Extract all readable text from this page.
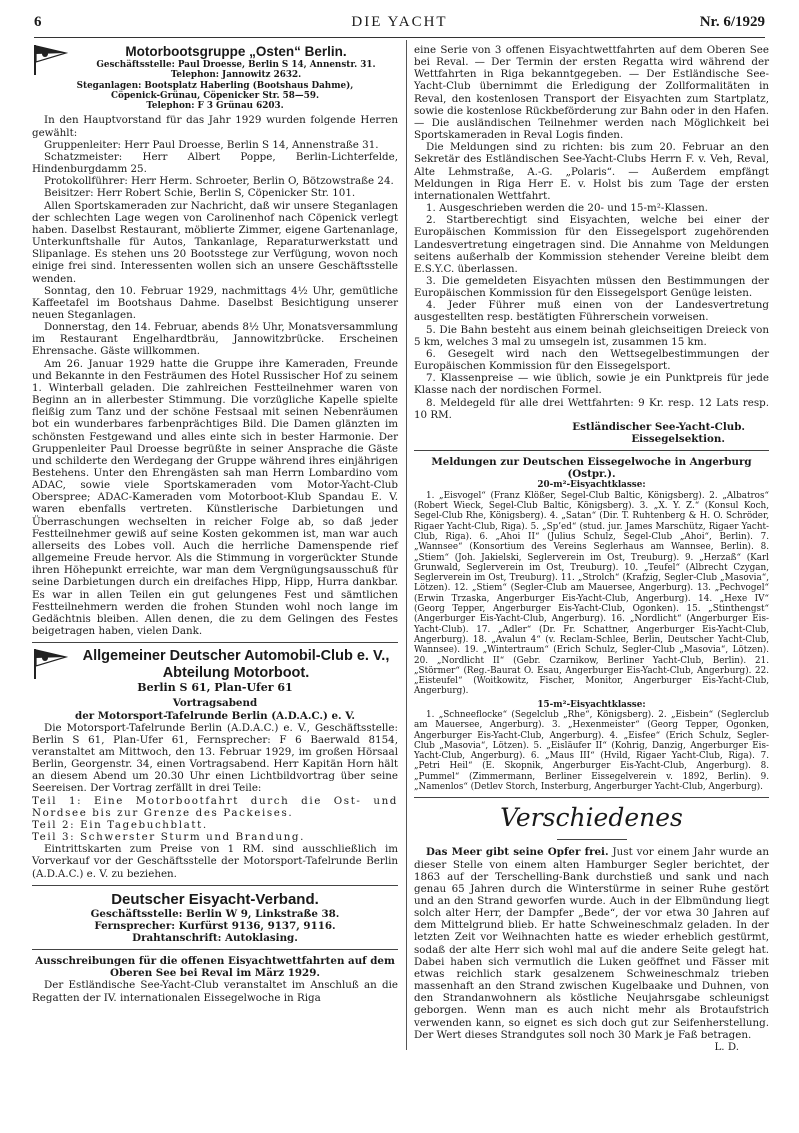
6	DIE YACHT	Nr. 6/1929
Motorbootsgruppe „Osten“ Berlin.
Geschäftsstelle: Paul Droesse, Berlin S 14, Annenstr. 31.
Telephon: Jannowitz 2632.
Steganlagen: Bootsplatz Haberling (Bootshaus Dahme),
Cöpenick-Grünau, Cöpenicker Str. 58—59.
Telephon: F 3 Grünau 6203.

In den Hauptvorstand für das Jahr 1929 wurden folgende Herren gewählt:

Gruppenleiter: Herr Paul Droesse, Berlin S 14, Annenstraße 31.

Schatzmeister: Herr Albert Poppe, Berlin-Lichterfelde, Hindenburgdamm 25.

Protokollführer: Herr Herm. Schroeter, Berlin O, Bötzowstraße 24.

Beisitzer: Herr Robert Schie, Berlin S, Cöpenicker Str. 101.

Allen Sportskameraden zur Nachricht, daß wir unsere Steganlagen der schlechten Lage wegen von Carolinenhof nach Cöpenick verlegt haben. Daselbst Restaurant, möblierte Zimmer, eigene Gartenanlage, Unterkunftshalle für Autos, Tankanlage, Reparaturwerkstatt und Slipanlage. Es stehen uns 20 Bootsstege zur Verfügung, wovon noch einige frei sind. Interessenten wollen sich an unsere Geschäftsstelle wenden.

Sonntag, den 10. Februar 1929, nachmittags 4½ Uhr, gemütliche Kaffeetafel im Bootshaus Dahme. Daselbst Besichtigung unserer neuen Steganlagen.

Donnerstag, den 14. Februar, abends 8½ Uhr, Monatsversammlung im Restaurant Engelhardtbräu, Jannowitzbrücke. Erscheinen Ehrensache. Gäste willkommen.

Am 26. Januar 1929 hatte die Gruppe ihre Kameraden, Freunde und Bekannte in den Festräumen des Hotel Russischer Hof zu seinem 1. Winterball geladen. Die zahlreichen Festteilnehmer waren von Beginn an in allerbester Stimmung. Die vorzügliche Kapelle spielte fleißig zum Tanz und der schöne Festsaal mit seinen Nebenräumen bot ein wunderbares farbenprächtiges Bild. Die Damen glänzten im schönsten Festgewand und alles einte sich in bester Harmonie. Der Gruppenleiter Paul Droesse begrüßte in seiner Ansprache die Gäste und schilderte den Werdegang der Gruppe während ihres einjährigen Bestehens. Unter den Ehrengästen sah man Herrn Lombardino vom ADAC, sowie viele Sportskameraden vom Motor-Yacht-Club Oberspree; ADAC-Kameraden vom Motorboot-Klub Spandau E. V. waren ebenfalls vertreten. Künstlerische Darbietungen und Überraschungen wechselten in reicher Folge ab, so daß jeder Festteilnehmer gewiß auf seine Kosten gekommen ist, man war auch allerseits des Lobes voll. Auch die herrliche Damenspende rief allgemeine Freude hervor. Als die Stimmung in vorgerückter Stunde ihren Höhepunkt erreichte, war man dem Vergnügungsausschuß für seine Darbietungen durch ein dreifaches Hipp, Hipp, Hurra dankbar. Es war in allen Teilen ein gut gelungenes Fest und sämtlichen Festteilnehmern werden die frohen Stunden wohl noch lange im Gedächtnis bleiben. Allen denen, die zu dem Gelingen des Festes beigetragen haben, vielen Dank.

Allgemeiner Deutscher Automobil-Club e. V.,
Abteilung Motorboot.
Berlin S 61, Plan-Ufer 61
Vortragsabend
der Motorsport-Tafelrunde Berlin (A.D.A.C.) e. V.

Die Motorsport-Tafelrunde Berlin (A.D.A.C.) e. V., Geschäftsstelle: Berlin S 61, Plan-Ufer 61, Fernsprecher: F 6 Baerwald 8154, veranstaltet am Mittwoch, den 13. Februar 1929, im großen Hörsaal Berlin, Georgenstr. 34, einen Vortragsabend. Herr Kapitän Horn hält an diesem Abend um 20.30 Uhr einen Lichtbildvortrag über seine Seereisen. Der Vortrag zerfällt in drei Teile:

Teil 1: Eine Motorbootfahrt durch die Ost- und Nordsee bis zur Grenze des Packeises.

Teil 2: Ein Tagebuchblatt.

Teil 3: Schwerster Sturm und Brandung.

Eintrittskarten zum Preise von 1 RM. sind ausschließlich im Vorverkauf vor der Geschäftsstelle der Motorsport-Tafelrunde Berlin (A.D.A.C.) e. V. zu beziehen.

Deutscher Eisyacht-Verband.
Geschäftsstelle: Berlin W 9, Linkstraße 38.
Fernsprecher: Kurfürst 9136, 9137, 9116.
Drahtanschrift: Autoklasing.
Ausschreibungen für die offenen Eisyachtwettfahrten auf dem Oberen See bei Reval im März 1929.

Der Estländische See-Yacht-Club veranstaltet im Anschluß an die Regatten der IV. internationalen Eissegelwoche in Riga

eine Serie von 3 offenen Eisyachtwettfahrten auf dem Oberen See bei Reval. — Der Termin der ersten Regatta wird während der Wettfahrten in Riga bekanntgegeben. — Der Estländische See-Yacht-Club übernimmt die Erledigung der Zollformalitäten in Reval, den kostenlosen Transport der Eisyachten zum Startplatz, sowie die kostenlose Rückbeförderung zur Bahn oder in den Hafen. — Die ausländischen Teilnehmer werden nach Möglichkeit bei Sportskameraden in Reval Logis finden.

Die Meldungen sind zu richten: bis zum 20. Februar an den Sekretär des Estländischen See-Yacht-Clubs Herrn F. v. Veh, Reval, Alte Lehmstraße, A.-G. „Polaris“. — Außerdem empfängt Meldungen in Riga Herr E. v. Holst bis zum Tage der ersten internationalen Wettfahrt.

1. Ausgeschrieben werden die 20- und 15-m²-Klassen.

2. Startberechtigt sind Eisyachten, welche bei einer der Europäischen Kommission für den Eissegelsport zugehörenden Landesvertretung eingetragen sind. Die Annahme von Meldungen seitens außerhalb der Kommission stehender Vereine bleibt dem E.S.Y.C. überlassen.

3. Die gemeldeten Eisyachten müssen den Bestimmungen der Europäischen Kommission für den Eissegelsport Genüge leisten.

4. Jeder Führer muß einen von der Landesvertretung ausgestellten resp. bestätigten Führerschein vorweisen.

5. Die Bahn besteht aus einem beinah gleichseitigen Dreieck von 5 km, welches 3 mal zu umsegeln ist, zusammen 15 km.

6. Gesegelt wird nach den Wettsegelbestimmungen der Europäischen Kommission für den Eissegelsport.

7. Klassenpreise — wie üblich, sowie je ein Punktpreis für jede Klasse nach der nordischen Formel.

8. Meldegeld für alle drei Wettfahrten: 9 Kr. resp. 12 Lats resp. 10 RM.

Estländischer See-Yacht-Club.
Eissegelsektion.
Meldungen zur Deutschen Eissegelwoche in Angerburg (Ostpr.).
20-m²-Eisyachtklasse:

1. „Eisvogel“ (Franz Klößer, Segel-Club Baltic, Königsberg). 2. „Albatros“ (Robert Wieck, Segel-Club Baltic, Königsberg). 3. „X. Y. Z.“ (Konsul Koch, Segel-Club Rhe, Königsberg). 4. „Satan“ (Dir. T. Ruhtenberg & H. O. Schröder, Rigaer Yacht-Club, Riga). 5. „Sp’ed“ (stud. jur. James Marschütz, Rigaer Yacht-Club, Riga). 6. „Ahoi II“ (Julius Schulz, Segel-Club „Ahoi“, Berlin). 7. „Wannsee“ (Konsortium des Vereins Seglerhaus am Wannsee, Berlin). 8. „Stiem“ (Joh. Jakielski, Seglerverein im Ost, Treuburg). 9. „Herzaß“ (Karl Grunwald, Seglerverein im Ost, Treuburg). 10. „Teufel“ (Albrecht Czygan, Seglerverein im Ost, Treuburg). 11. „Strolch“ (Krafzig, Segler-Club „Masovia“, Lötzen). 12. „Stiem“ (Segler-Club am Mauersee, Angerburg). 13. „Pechvogel“ (Erwin Trzaska, Angerburger Eis-Yacht-Club, Angerburg). 14. „Hexe IV“ (Georg Tepper, Angerburger Eis-Yacht-Club, Ogonken). 15. „Stinthengst“ (Angerburger Eis-Yacht-Club, Angerburg). 16. „Nordlicht“ (Angerburger Eis-Yacht-Club). 17. „Adler“ (Dr. Fr. Schattner, Angerburger Eis-Yacht-Club, Angerburg). 18. „Avalun 4“ (v. Reclam-Schlee, Berlin, Deutscher Yacht-Club, Wannsee). 19. „Wintertraum“ (Erich Schulz, Segler-Club „Masovia“, Lötzen). 20. „Nordlicht II“ (Gebr. Czarnikow, Berliner Yacht-Club, Berlin). 21. „Störmer“ (Reg.-Baurat O. Esau, Angerburger Eis-Yacht-Club, Angerburg). 22. „Eisteufel“ (Woitkowitz, Fischer, Monitor, Angerburger Eis-Yacht-Club, Angerburg).

15-m²-Eisyachtklasse:

1. „Schneeflocke“ (Segelclub „Rhe“, Königsberg). 2. „Eisbein“ (Seglerclub am Mauersee, Angerburg). 3. „Hexenmeister“ (Georg Tepper, Ogonken, Angerburger Eis-Yacht-Club, Angerburg). 4. „Eisfee“ (Erich Schulz, Segler-Club „Masovia“, Lötzen). 5. „Eisläufer II“ (Kohrig, Danzig, Angerburger Eis-Yacht-Club, Angerburg). 6. „Maus III“ (Hvild, Rigaer Yacht-Club, Riga). 7. „Petri Heil“ (E. Skopnik, Angerburger Eis-Yacht-Club, Angerburg). 8. „Pummel“ (Zimmermann, Berliner Eissegelverein v. 1892, Berlin). 9. „Namenlos“ (Detlev Storch, Insterburg, Angerburger Yacht-Club, Angerburg).

Verschiedenes

Das Meer gibt seine Opfer frei. Just vor einem Jahr wurde an dieser Stelle von einem alten Hamburger Segler berichtet, der 1863 auf der Terschelling-Bank durchstieß und sank und nach genau 65 Jahren durch die Winterstürme in seiner Ruhe gestört und an den Strand geworfen wurde. Auch in der Elbmündung liegt solch alter Herr, der Dampfer „Bede“, der vor etwa 30 Jahren auf dem Mittelgrund blieb. Er hatte Schweineschmalz geladen. In der letzten Zeit vor Weihnachten hatte es wieder erheblich gestürmt, sodaß der alte Herr sich wohl mal auf die andere Seite gelegt hat. Dabei haben sich vermutlich die Luken geöffnet und Fässer mit etwas reichlich stark gesalzenem Schweineschmalz trieben massenhaft an den Strand zwischen Kugelbaake und Duhnen, von den Strandanwohnern als köstliche Neujahrsgabe schleunigst geborgen. Wenn man es auch nicht mehr als Brotaufstrich verwenden kann, so eignet es sich doch gut zur Seifenherstellung. Der Wert dieses Strandgutes soll noch 30 Mark je Faß betragen.
L. D.
